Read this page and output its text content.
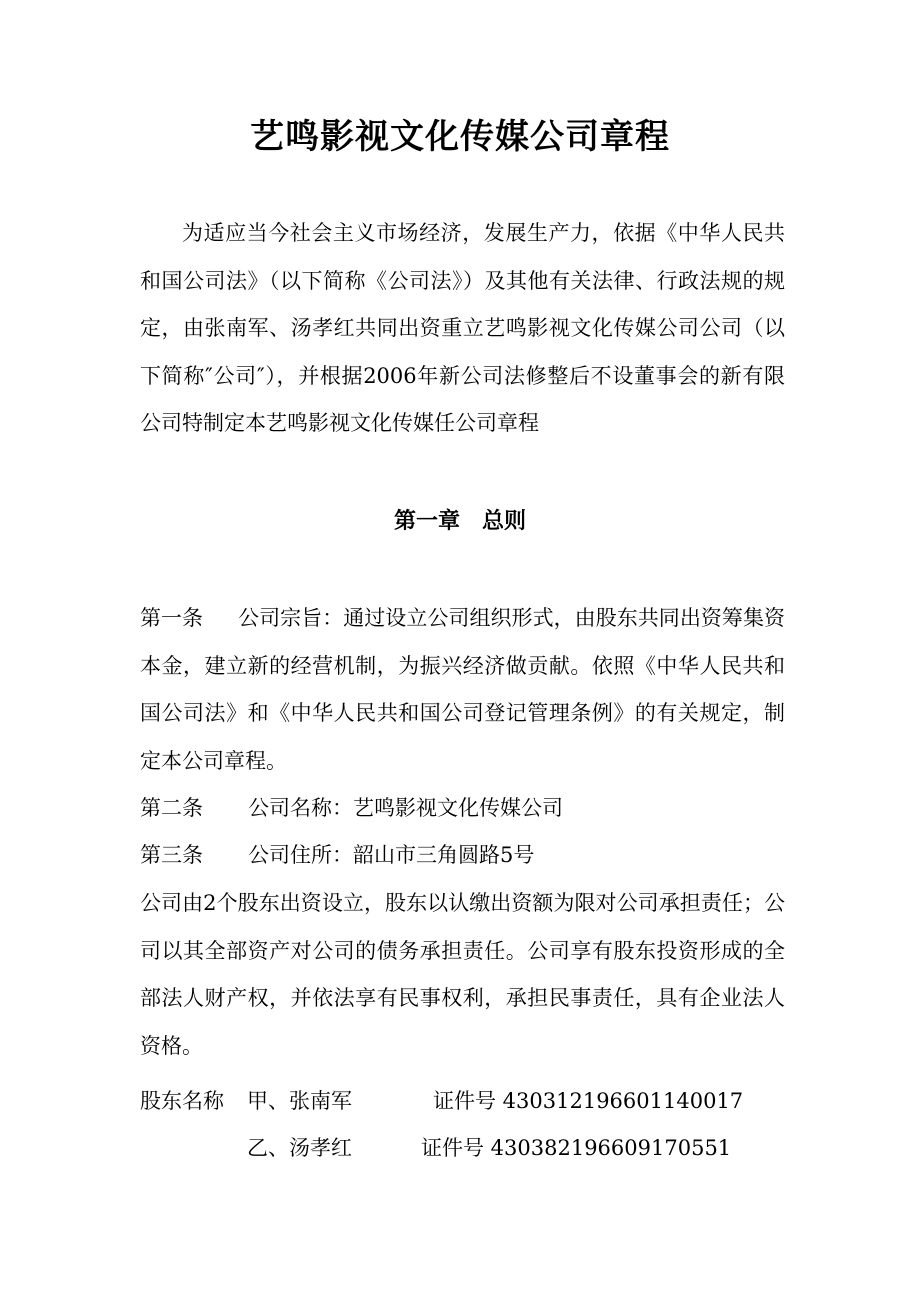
艺鸣影视文化传媒公司章程

为适应当今社会主义市场经济，发展生产力，依据《中华人民共和国公司法》（以下简称《公司法》）及其他有关法律、行政法规的规定，由张南军、汤孝红共同出资重立艺鸣影视文化传媒公司公司（以下简称″公司″），并根据2006年新公司法修整后不设董事会的新有限公司特制定本艺鸣影视文化传媒任公司章程

第一章　总则

第一条 公司宗旨：通过设立公司组织形式，由股东共同出资筹集资本金，建立新的经营机制，为振兴经济做贡献。依照《中华人民共和国公司法》和《中华人民共和国公司登记管理条例》的有关规定，制定本公司章程。

第二条 公司名称：艺鸣影视文化传媒公司

第三条 公司住所：韶山市三角圆路5号

公司由2个股东出资设立，股东以认缴出资额为限对公司承担责任；公司以其全部资产对公司的债务承担责任。公司享有股东投资形成的全部法人财产权，并依法享有民事权利，承担民事责任，具有企业法人资格。

股东名称 甲、张南军	证件号 430312196601140017
乙、汤孝红	证件号 430382196609170551
